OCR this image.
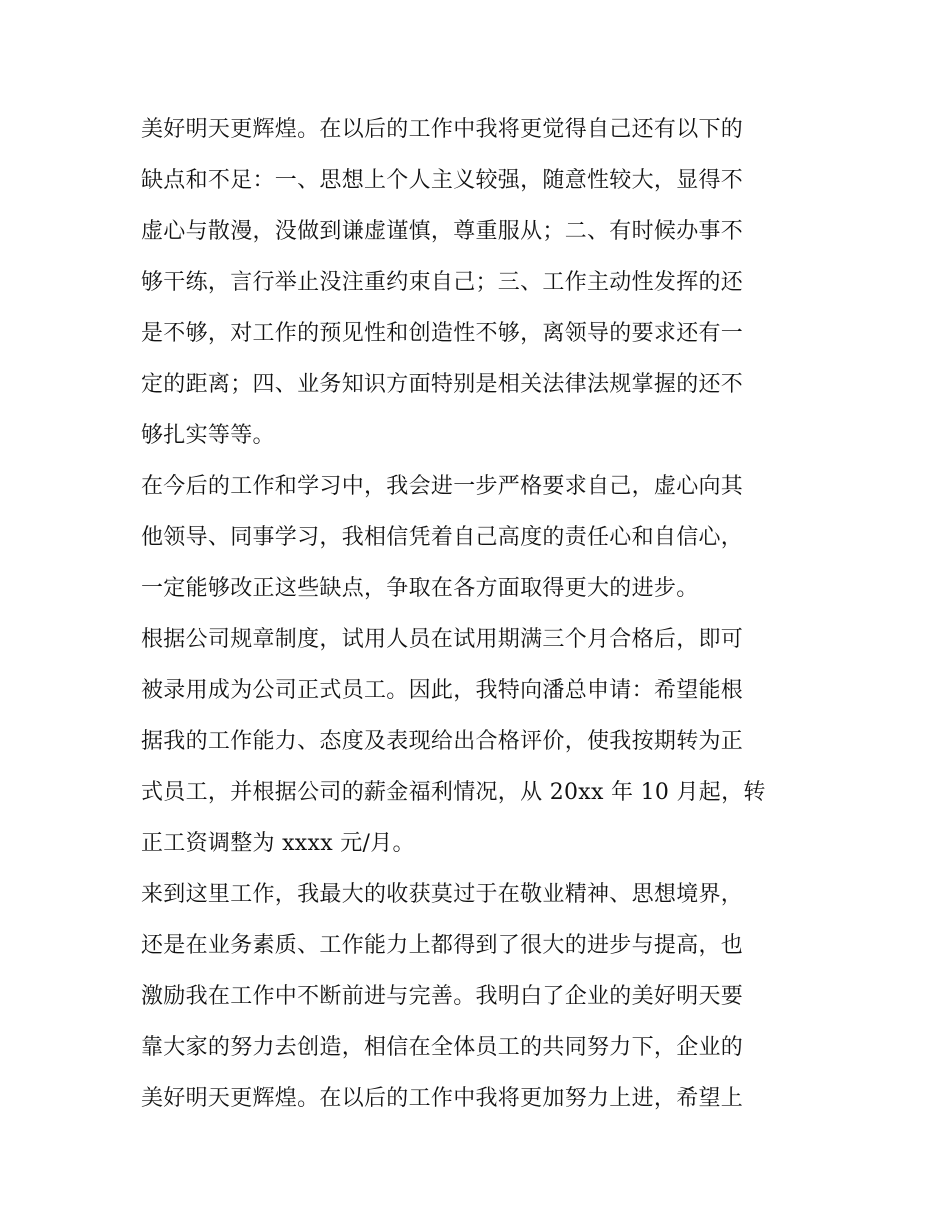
美好明天更辉煌。在以后的工作中我将更觉得自己还有以下的
缺点和不足：一、思想上个人主义较强，随意性较大，显得不
虚心与散漫，没做到谦虚谨慎，尊重服从；二、有时候办事不
够干练，言行举止没注重约束自己；三、工作主动性发挥的还
是不够，对工作的预见性和创造性不够，离领导的要求还有一
定的距离；四、业务知识方面特别是相关法律法规掌握的还不
够扎实等等。
在今后的工作和学习中，我会进一步严格要求自己，虚心向其
他领导、同事学习，我相信凭着自己高度的责任心和自信心，
一定能够改正这些缺点，争取在各方面取得更大的进步。
根据公司规章制度，试用人员在试用期满三个月合格后，即可
被录用成为公司正式员工。因此，我特向潘总申请：希望能根
据我的工作能力、态度及表现给出合格评价，使我按期转为正
式员工，并根据公司的薪金福利情况，从 20xx 年 10 月起，转
正工资调整为 xxxx 元/月。
来到这里工作，我最大的收获莫过于在敬业精神、思想境界，
还是在业务素质、工作能力上都得到了很大的进步与提高，也
激励我在工作中不断前进与完善。我明白了企业的美好明天要
靠大家的努力去创造，相信在全体员工的共同努力下，企业的
美好明天更辉煌。在以后的工作中我将更加努力上进，希望上
